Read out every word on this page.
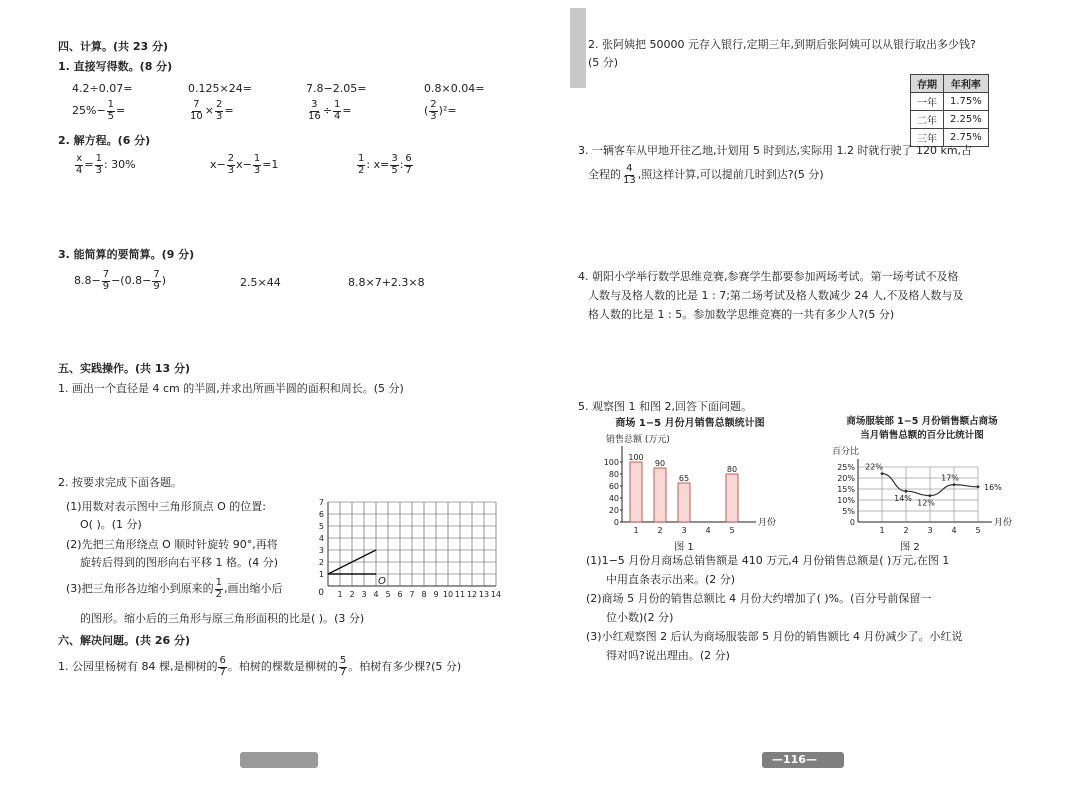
四、计算。(共 23 分)
1. 直接写得数。(8 分)
4.2÷0.07=	0.125×24=	7.8−2.05=	0.8×0.04=
$25\%- \frac{1}{5}$ =	$\frac{7}{10} \times \frac{2}{3}$ =	$\frac{3}{16} \div \frac{1}{4}$ =	( $\frac{2}{3} )^2=$
2. 解方程。(6 分)
$\frac{x}{4} = \frac{1}{3}$ : 30%	$x- \frac{2}{3} x- \frac{1}{3} =1$	$\frac{1}{2}$ : $x= \frac{3}{5}$ : $\frac{6}{7}$
3. 能简算的要简算。(9 分)
$8.8- \frac{7}{9} -(0.8- \frac{7}{9}$ )	2.5×44	8.8×7+2.3×8
五、实践操作。(共 13 分)
1. 画出一个直径是 4 cm 的半圆,并求出所画半圆的面积和周长。(5 分)
2. 按要求完成下面各题。
(1)用数对表示图中三角形顶点 O 的位置:
O( )。(1 分)
(2)先把三角形绕点 O 顺时针旋转 90°,再将
旋转后得到的图形向右平移 1 格。(4 分)
(3)把三角形各边缩小到原来的 $\frac{1}{2}$ ,画出缩小后
的图形。缩小后的三角形与原三角形面积的比是( )。(3 分)
1 2 3 4 5 6 7 8 9 10 11 12 13 14
1
2
3
4
5
6
7
0
O
六、解决问题。(共 26 分)
1. 公园里杨树有 84 棵,是柳树的 $\frac{6}{7}$ 。柏树的棵数是柳树的 $\frac{5}{7}$ 。柏树有多少棵?(5 分)
2. 张阿姨把 50000 元存入银行,定期三年,到期后张阿姨可以从银行取出多少钱?
(5 分)
存期	年利率
一年	1.75%
二年	2.25%
三年	2.75%
3. 一辆客车从甲地开往乙地,计划用 5 时到达,实际用 1.2 时就行驶了 120 km,占
全程的 $\frac{4}{13}$ ,照这样计算,可以提前几时到达?(5 分)
4. 朝阳小学举行数学思维竞赛,参赛学生都要参加两场考试。第一场考试不及格
人数与及格人数的比是 1 : 7;第二场考试及格人数减少 24 人,不及格人数与及
格人数的比是 1 : 5。参加数学思维竞赛的一共有多少人?(5 分)
5. 观察图 1 和图 2,回答下面问题。
商场 1−5 月份月销售总额统计图
销售总额 (万元)
月份
图 1
0
20
40
60
80
100
1
100
2
90
3
65
4 5
80
商场服装部 1−5 月份销售额占商场
当月销售总额的百分比统计图
百分比
月份
图 2
0
5%
10%
15%
20%
25%
1 2 3 4 5
22%
14% 12%
17%
16%
(1)1−5 月份月商场总销售额是 410 万元,4 月份销售总额是( )万元,在图 1
中用直条表示出来。(2 分)
(2)商场 5 月份的销售总额比 4 月份大约增加了( )%。(百分号前保留一
位小数)(2 分)
(3)小红观察图 2 后认为商场服装部 5 月份的销售额比 4 月份减少了。小红说
得对吗?说出理由。(2 分)
—116—
